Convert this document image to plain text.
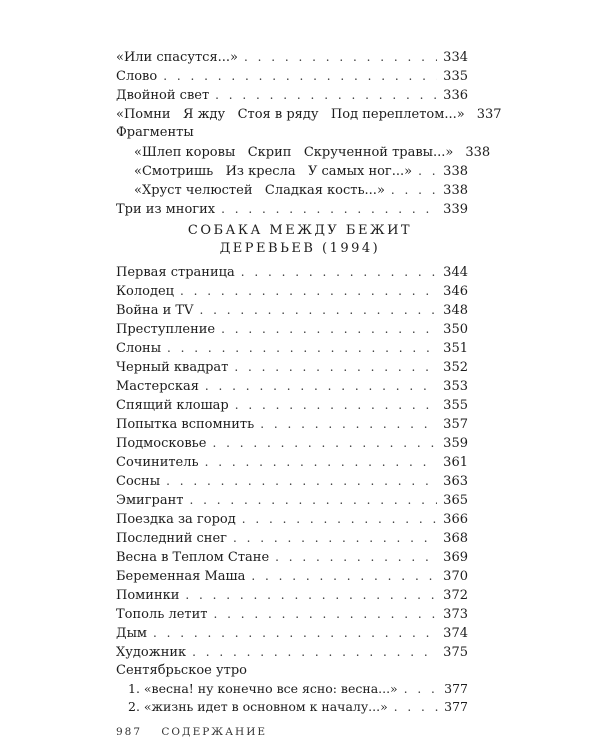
«Или спасутся...» . . .	334
Слово . . .	335
Двойной свет . . .	336
«Помни   Я жду   Стоя в ряду   Под переплетом...» 337
Фрагменты
«Шлеп коровы   Скрип   Скрученной травы...» 338
«Смотришь   Из кресла   У самых ног...» . . .	338
«Хруст челюстей   Сладкая кость...» . . .	338
Три из многих . . .	339
СОБАКА МЕЖДУ БЕЖИТ
ДЕРЕВЬЕВ (1994)
Первая страница . . .	344
Колодец . . .	346
Война и TV . . .	348
Преступление . . .	350
Слоны . . .	351
Черный квадрат . . .	352
Мастерская . . .	353
Спящий клошар . . .	355
Попытка вспомнить . . .	357
Подмосковье . . .	359
Сочинитель . . .	361
Сосны . . .	363
Эмигрант . . .	365
Поездка за город . . .	366
Последний снег . . .	368
Весна в Теплом Стане . . .	369
Беременная Маша . . .	370
Поминки . . .	372
Тополь летит . . .	373
Дым . . .	374
Художник . . .	375
Сентябрьское утро
1. «весна! ну конечно все ясно: весна...» . . .	377
2. «жизнь идет в основном к началу...» . . .	377
987 СОДЕРЖАНИЕ
